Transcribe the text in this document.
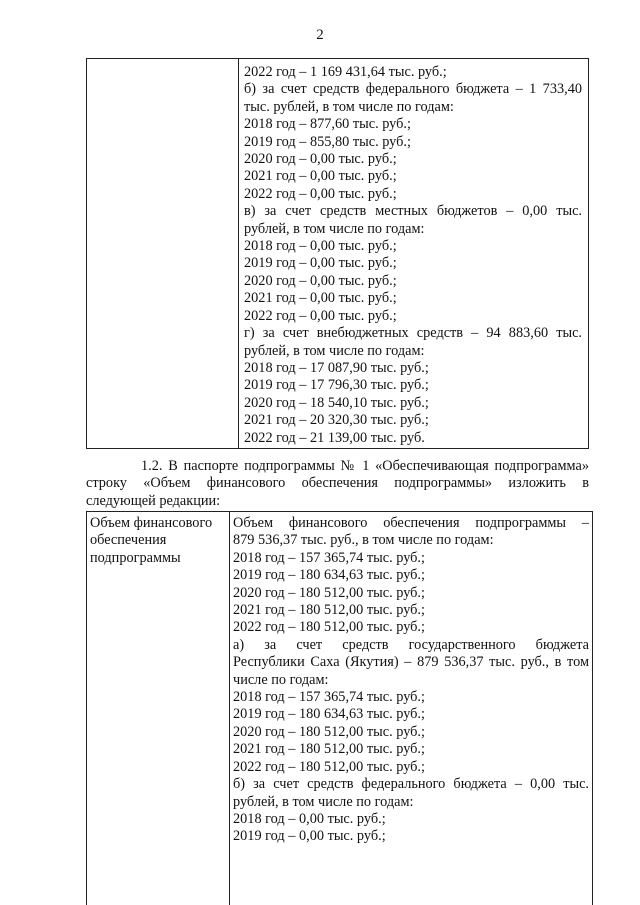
2
2022 год – 1 169 431,64 тыс. руб.;
б) за счет средств федерального бюджета – 1 733,40
тыс. рублей, в том числе по годам:
2018 год – 877,60 тыс. руб.;
2019 год – 855,80 тыс. руб.;
2020 год – 0,00 тыс. руб.;
2021 год – 0,00 тыс. руб.;
2022 год – 0,00 тыс. руб.;
в) за счет средств местных бюджетов – 0,00 тыс.
рублей, в том числе по годам:
2018 год – 0,00 тыс. руб.;
2019 год – 0,00 тыс. руб.;
2020 год – 0,00 тыс. руб.;
2021 год – 0,00 тыс. руб.;
2022 год – 0,00 тыс. руб.;
г) за счет внебюджетных средств – 94 883,60 тыс.
рублей, в том числе по годам:
2018 год – 17 087,90 тыс. руб.;
2019 год – 17 796,30 тыс. руб.;
2020 год – 18 540,10 тыс. руб.;
2021 год – 20 320,30 тыс. руб.;
2022 год – 21 139,00 тыс. руб.
1.2. В паспорте подпрограммы № 1 «Обеспечивающая подпрограмма»
строку «Объем финансового обеспечения подпрограммы» изложить в
следующей редакции:
Объем финансового
обеспечения
подпрограммы
Объем финансового обеспечения подпрограммы –
879 536,37 тыс. руб., в том числе по годам:
2018 год – 157 365,74 тыс. руб.;
2019 год – 180 634,63 тыс. руб.;
2020 год – 180 512,00 тыс. руб.;
2021 год – 180 512,00 тыс. руб.;
2022 год – 180 512,00 тыс. руб.;
а) за счет средств государственного бюджета
Республики Саха (Якутия) – 879 536,37 тыс. руб., в том
числе по годам:
2018 год – 157 365,74 тыс. руб.;
2019 год – 180 634,63 тыс. руб.;
2020 год – 180 512,00 тыс. руб.;
2021 год – 180 512,00 тыс. руб.;
2022 год – 180 512,00 тыс. руб.;
б) за счет средств федерального бюджета – 0,00 тыс.
рублей, в том числе по годам:
2018 год – 0,00 тыс. руб.;
2019 год – 0,00 тыс. руб.;
